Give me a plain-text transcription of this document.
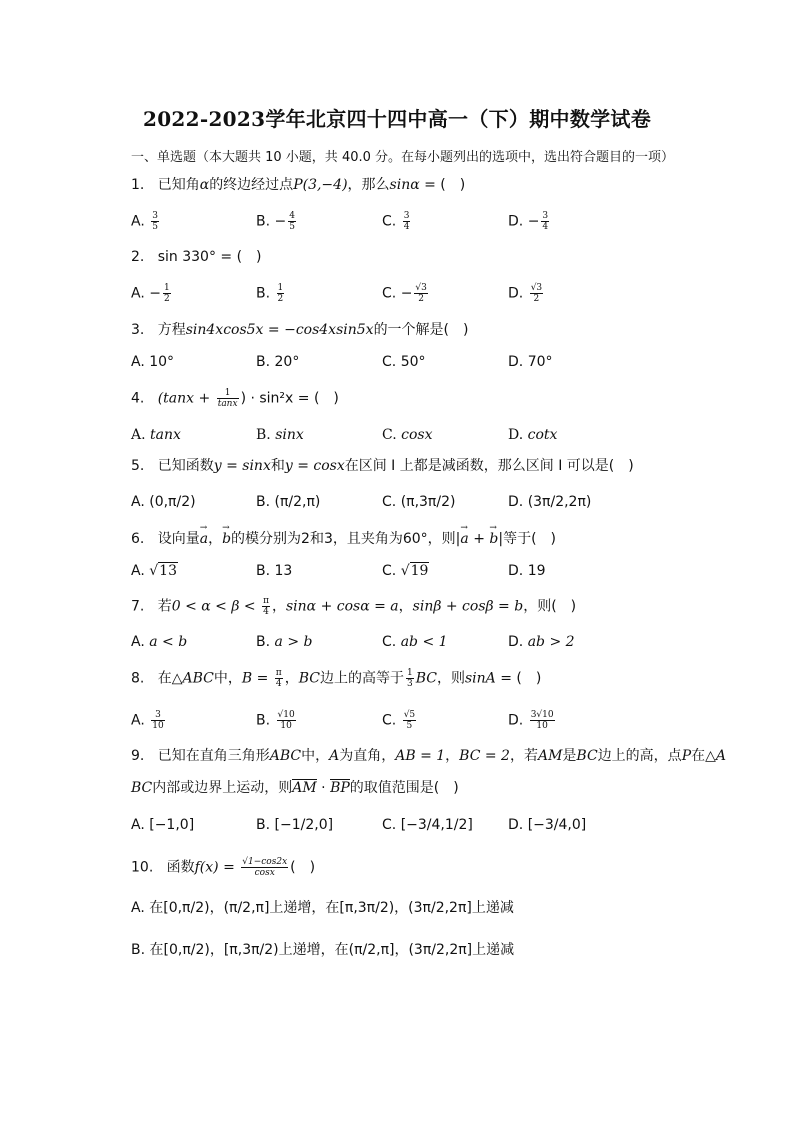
2022-2023学年北京四十四中高一（下）期中数学试卷
一、单选题（本大题共 10 小题，共 40.0 分。在每小题列出的选项中，选出符合题目的一项）
1. 已知角α的终边经过点P(3,−4)，那么sinα = (　)
A. $\frac{3}{5}$	B. − $\frac{4}{5}$	C. $\frac{3}{4}$	D. − $\frac{3}{4}$
2. sin 330° = (　)
A. − $\frac{1}{2}$	B. $\frac{1}{2}$	C. − $\frac{√3}{2}$	D. $\frac{√3}{2}$
3. 方程sin4xcos5x = −cos4xsin5x的一个解是(　)
A. 10°	B. 20°	C. 50°	D. 70°
4. ($\tan x + \frac{1}{\tan x}$ ) · sin²x = (　)
A. tanx	B. sinx	C. cosx	D. cotx
5. 已知函数y = sinx和y = cosx在区间 I 上都是减函数，那么区间 I 可以是(　)
A. (0,π/2)	B. (π/2,π)	C. (π,3π/2)	D. (3π/2,2π)
6. 设向量→ a，→ b的模分别为2和3，且夹角为60°，则|→ a + → b|等于(　)
A. √13	B. 13	C. √19	D. 19
7. 若$0 < \alpha < \beta < \frac{\pi}{4}$ ，sinα + cosα = a，sinβ + cosβ = b，则(　)
A. a < b	B. a > b	C. ab < 1	D. ab > 2
8. 在△ABC中，$B = \frac{\pi}{4}$ ，BC边上的高等于 $\frac{1}{3}$ BC，则sinA = (　)
A. $\frac{3}{10}$	B. $\frac{√10}{10}$	C. $\frac{√5}{5}$	D. $\frac{3√10}{10}$
9. 已知在直角三角形ABC中，A为直角，AB = 1，BC = 2，若AM是BC边上的高，点P在△A
BC内部或边界上运动，则AM · BP的取值范围是(　)
A. [−1,0]	B. [−1/2,0]	C. [−3/4,1/2]	D. [−3/4,0]
10. 函数$f(x) = \frac{√1-\cos 2x}{\cos x}$ (　)
A. 在[0,π/2)，(π/2,π]上递增，在[π,3π/2)，(3π/2,2π]上递减
B. 在[0,π/2)，[π,3π/2)上递增，在(π/2,π]，(3π/2,2π]上递减
